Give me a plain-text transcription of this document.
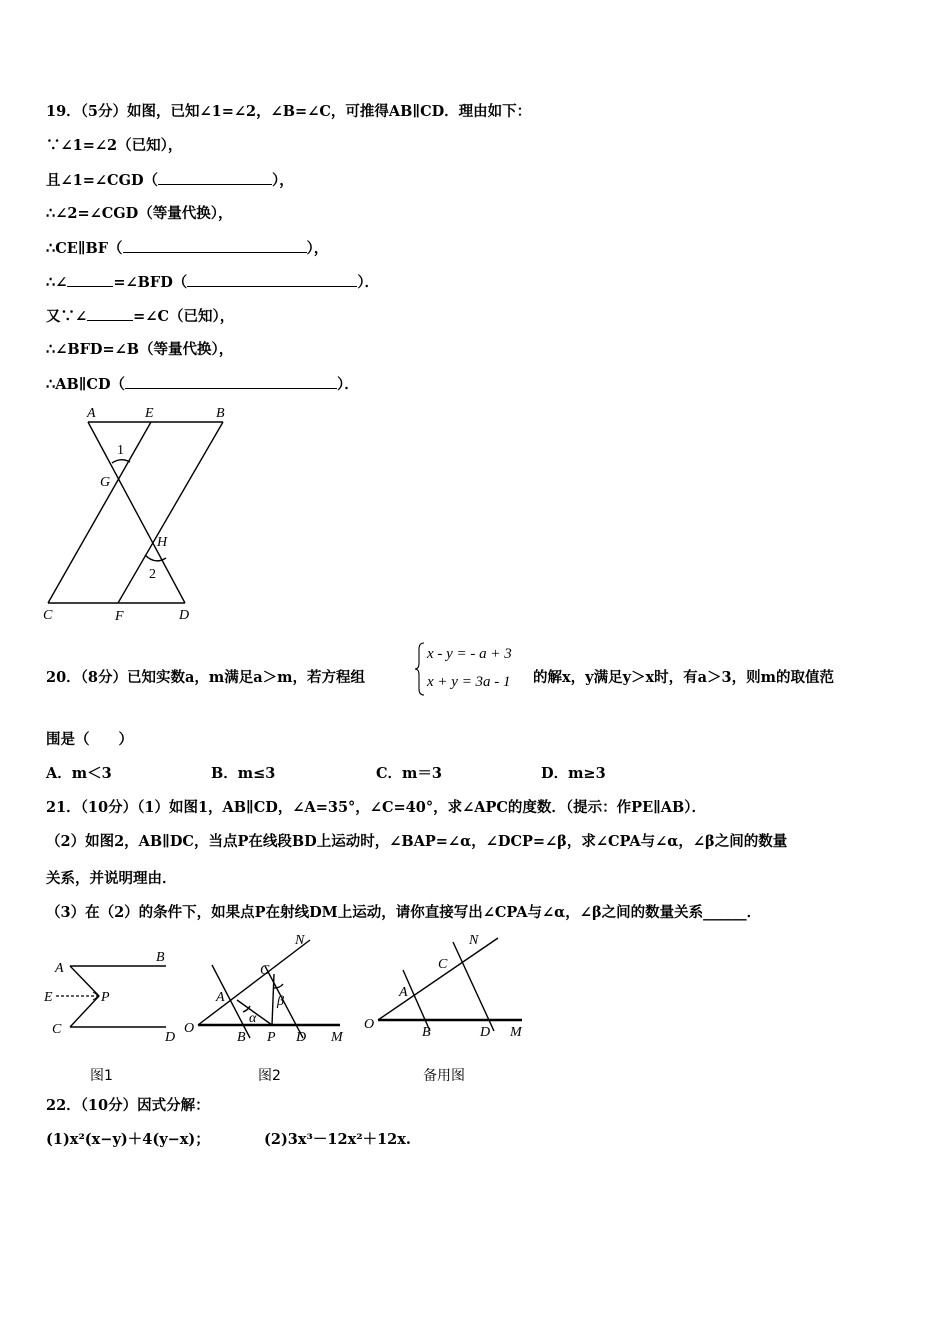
19．（5分）如图，已知∠1=∠2，∠B=∠C，可推得AB∥CD．理由如下：
∵∠1=∠2（已知），
且∠1=∠CGD（	），
∴∠2=∠CGD（等量代换），
∴CE∥BF（	），
∴∠	=∠BFD（	）．
又∵∠	=∠C（已知），
∴∠BFD=∠B（等量代换），
∴AB∥CD（	）．
A	E	B
1
G
H
2
C	F	D
20．（8分）已知实数a，m满足a＞m，若方程组
x - y = - a + 3
x + y = 3a - 1 的解x，y满足y＞x时，有a＞3，则m的取值范
围是（　　）
A．m＜3	B．m≤3	C．m＝3	D．m≥3
21．（10分）（1）如图1，AB∥CD，∠A=35°，∠C=40°，求∠APC的度数．（提示：作PE∥AB）．
（2）如图2，AB∥DC，当点P在线段BD上运动时，∠BAP=∠α，∠DCP=∠β，求∠CPA与∠α，∠β之间的数量
关系，并说明理由．
（3）在（2）的条件下，如果点P在射线DM上运动，请你直接写出∠CPA与∠α，∠β之间的数量关系______．
A
B
E	P
C
D
图1
N
C
A	β
α
O
B P D M
图2
N
C
A
O
B	D M
备用图
22．（10分）因式分解：
(1)x²(x−y)＋4(y−x)；	(2)3x³－12x²＋12x.
